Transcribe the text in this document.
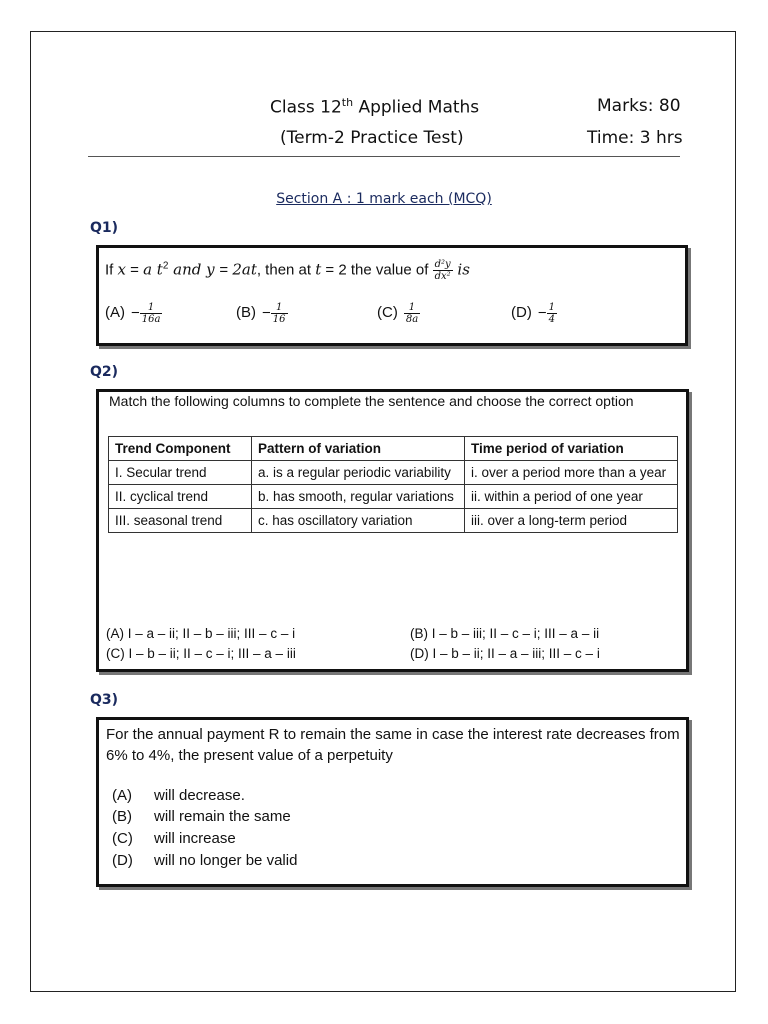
Class 12th Applied Maths
(Term-2 Practice Test)
Marks: 80
Time: 3 hrs
Section A : 1 mark each (MCQ)
Q1)
If x = a $t^2$ and y = 2at, then at t = 2 the value of $\frac{\text{d²y}}{\text{dx²}}$ is
$(A) - \frac{1}{16a}$	$(B) - \frac{1}{16}$	$(C) \frac{1}{8a}$	$(D) - \frac{1}{4}$
Q2)
Match the following columns to complete the sentence and choose the correct option
Trend Component	Pattern of variation	Time period of variation
I. Secular trend	a. is a regular periodic variability	i. over a period more than a year
II. cyclical trend	b. has smooth, regular variations	ii. within a period of one year
III. seasonal trend	c. has oscillatory variation	iii. over a long-term period
(A) I – a – ii; II – b – iii; III – c – i	(B) I – b – iii; II – c – i; III – a – ii
(C) I – b – ii; II – c – i; III – a – iii	(D) I – b – ii; II – a – iii; III – c – i
Q3)
For the annual payment R to remain the same in case the interest rate decreases from 6% to 4%, the present value of a perpetuity
(A) will decrease.
(B) will remain the same
(C) will increase
(D) will no longer be valid
